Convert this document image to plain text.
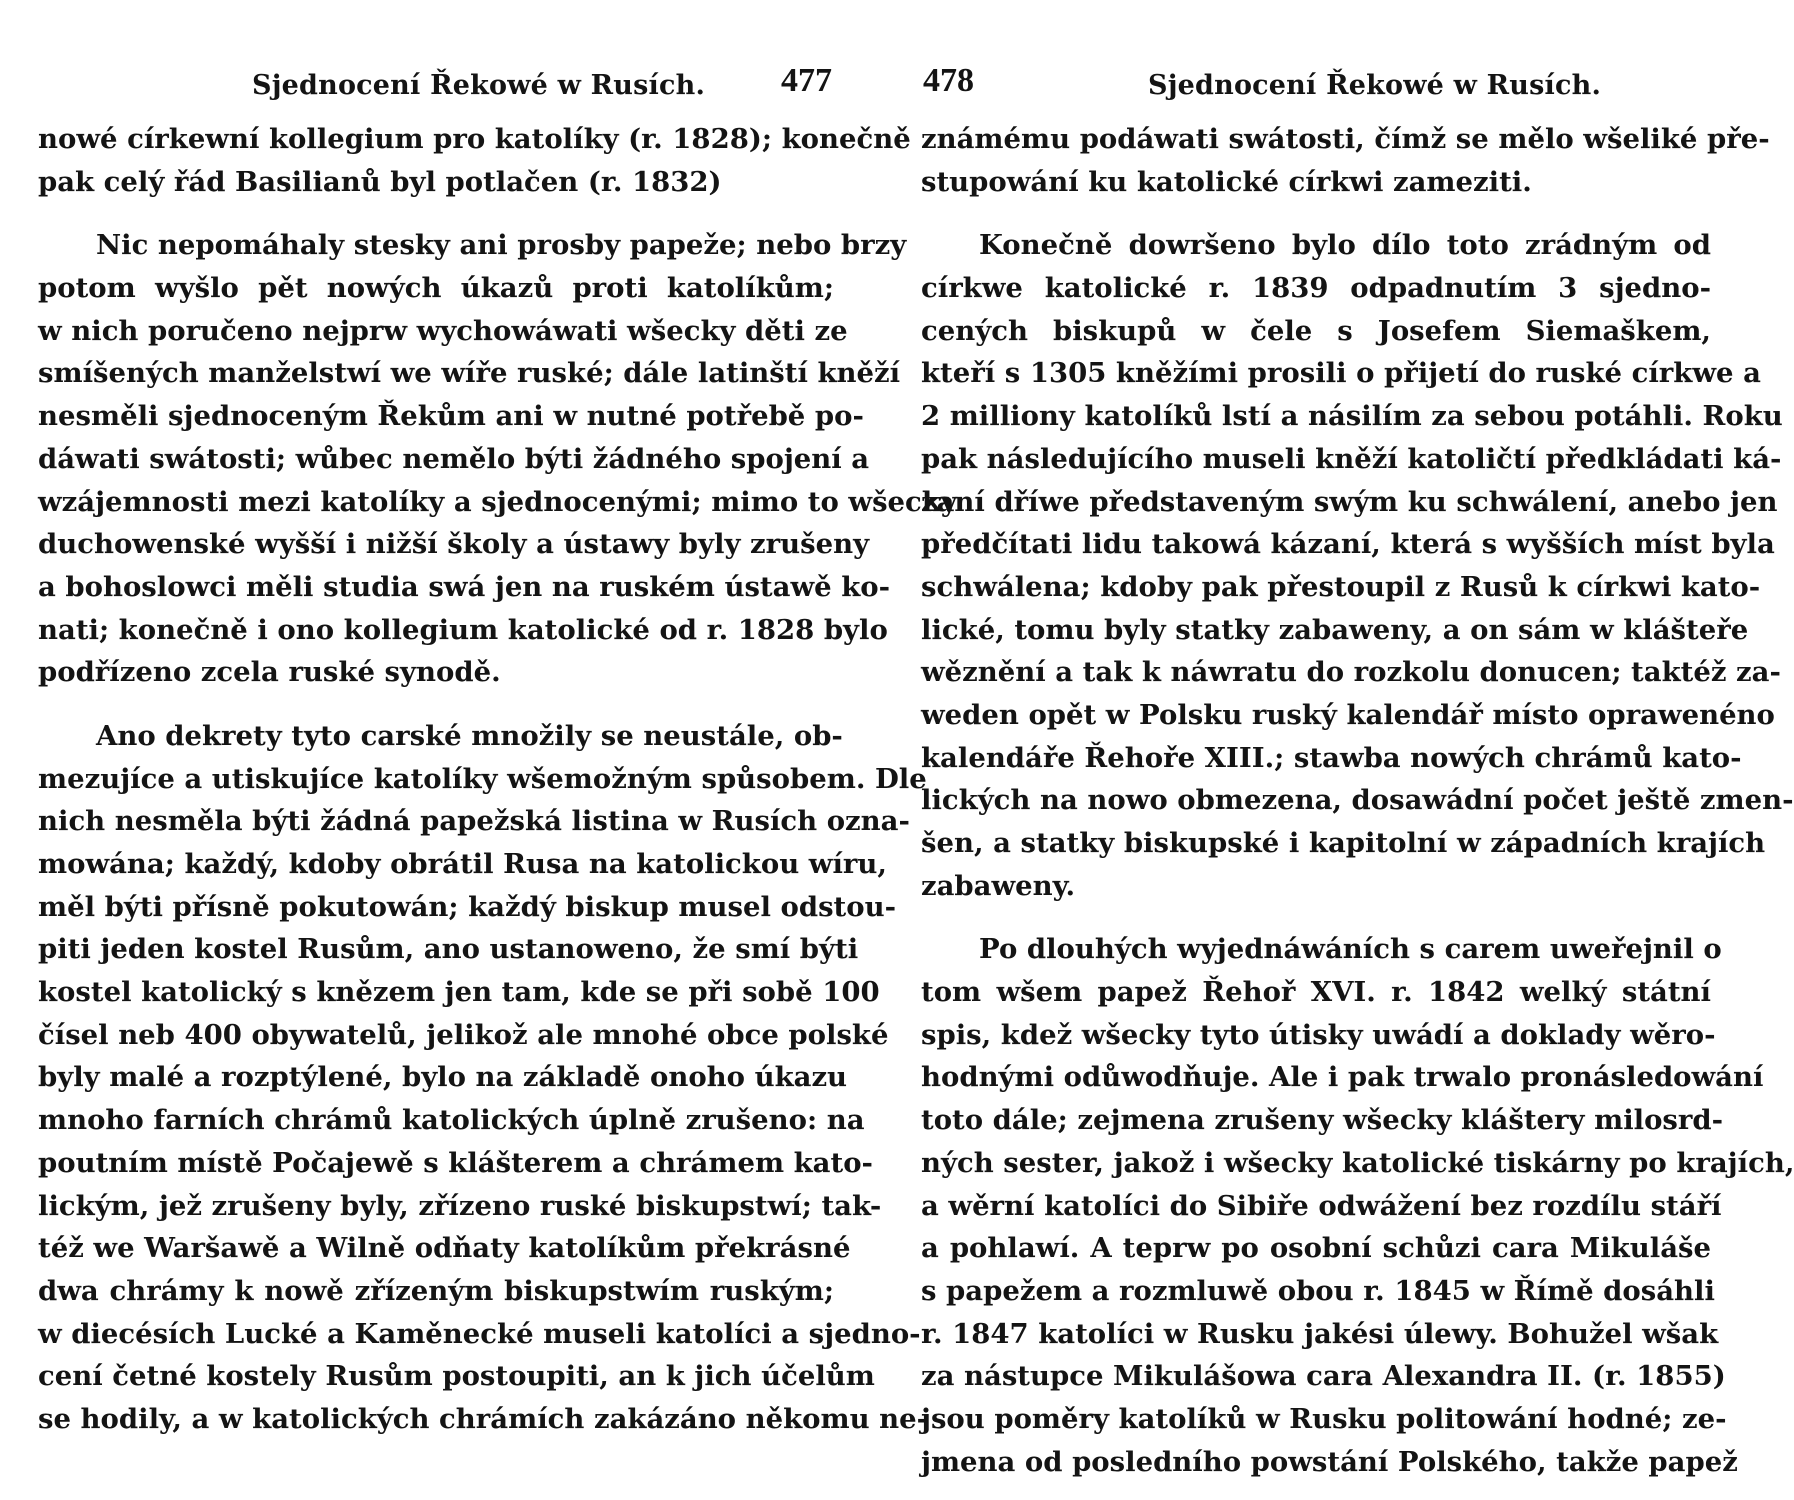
Sjednocení Řekowé w Rusích. 477
nowé církewní kollegium pro katolíky (r. 1828); konečně
pak celý řád Basilianů byl potlačen (r. 1832)
Nic nepomáhaly stesky ani prosby papeže; nebo brzy
potom wyšlo pět nowých úkazů proti katolíkům;
w nich poručeno nejprw wychowáwati wšecky děti ze
smíšených manželstwí we wíře ruské; dále latinští kněží
nesměli sjednoceným Řekům ani w nutné potřebě po-
dáwati swátosti; wůbec nemělo býti žádného spojení a
wzájemnosti mezi katolíky a sjednocenými; mimo to wšecky
duchowenské wyšší i nižší školy a ústawy byly zrušeny
a bohoslowci měli studia swá jen na ruském ústawě ko-
nati; konečně i ono kollegium katolické od r. 1828 bylo
podřízeno zcela ruské synodě.
Ano dekrety tyto carské množily se neustále, ob-
mezujíce a utiskujíce katolíky wšemožným spůsobem. Dle
nich nesměla býti žádná papežská listina w Rusích ozna-
mowána; každý, kdoby obrátil Rusa na katolickou wíru,
měl býti přísně pokutowán; každý biskup musel odstou-
piti jeden kostel Rusům, ano ustanoweno, že smí býti
kostel katolický s knězem jen tam, kde se při sobě 100
čísel neb 400 obywatelů, jelikož ale mnohé obce polské
byly malé a rozptýlené, bylo na základě onoho úkazu
mnoho farních chrámů katolických úplně zrušeno: na
poutním místě Počajewě s klášterem a chrámem kato-
lickým, jež zrušeny byly, zřízeno ruské biskupstwí; tak-
též we Waršawě a Wilně odňaty katolíkům překrásné
dwa chrámy k nowě zřízeným biskupstwím ruským;
w diecésích Lucké a Kaměnecké museli katolíci a sjedno-
cení četné kostely Rusům postoupiti, an k jich účelům
se hodily, a w katolických chrámích zakázáno někomu ne-
478	Sjednocení Řekowé w Rusích.
známému podáwati swátosti, čímž se mělo wšeliké pře-
stupowání ku katolické církwi zameziti.
Konečně dowršeno bylo dílo toto zrádným od
církwe katolické r. 1839 odpadnutím 3 sjedno-
cených biskupů w čele s Josefem Siemaškem,
kteří s 1305 kněžími prosili o přijetí do ruské církwe a
2 milliony katolíků lstí a násilím za sebou potáhli. Roku
pak následujícího museli kněží katoličtí předkládati ká-
zaní dříwe představeným swým ku schwálení, anebo jen
předčítati lidu takowá kázaní, která s wyšších míst byla
schwálena; kdoby pak přestoupil z Rusů k církwi kato-
lické, tomu byly statky zabaweny, a on sám w klášteře
wěznění a tak k náwratu do rozkolu donucen; taktéž za-
weden opět w Polsku ruský kalendář místo oprawenéno
kalendáře Řehoře XIII.; stawba nowých chrámů kato-
lických na nowo obmezena, dosawádní počet ještě zmen-
šen, a statky biskupské i kapitolní w západních krajích
zabaweny.
Po dlouhých wyjednáwáních s carem uweřejnil o
tom wšem papež Řehoř XVI. r. 1842 welký státní
spis, kdež wšecky tyto útisky uwádí a doklady wěro-
hodnými odůwodňuje. Ale i pak trwalo pronásledowání
toto dále; zejmena zrušeny wšecky kláštery milosrd-
ných sester, jakož i wšecky katolické tiskárny po krajích,
a wěrní katolíci do Sibiře odwážení bez rozdílu stáří
a pohlawí. A teprw po osobní schůzi cara Mikuláše
s papežem a rozmluwě obou r. 1845 w Římě dosáhli
r. 1847 katolíci w Rusku jakési úlewy. Bohužel wšak
za nástupce Mikulášowa cara Alexandra II. (r. 1855)
jsou poměry katolíků w Rusku politowání hodné; ze-
jmena od posledního powstání Polského, takže papež
